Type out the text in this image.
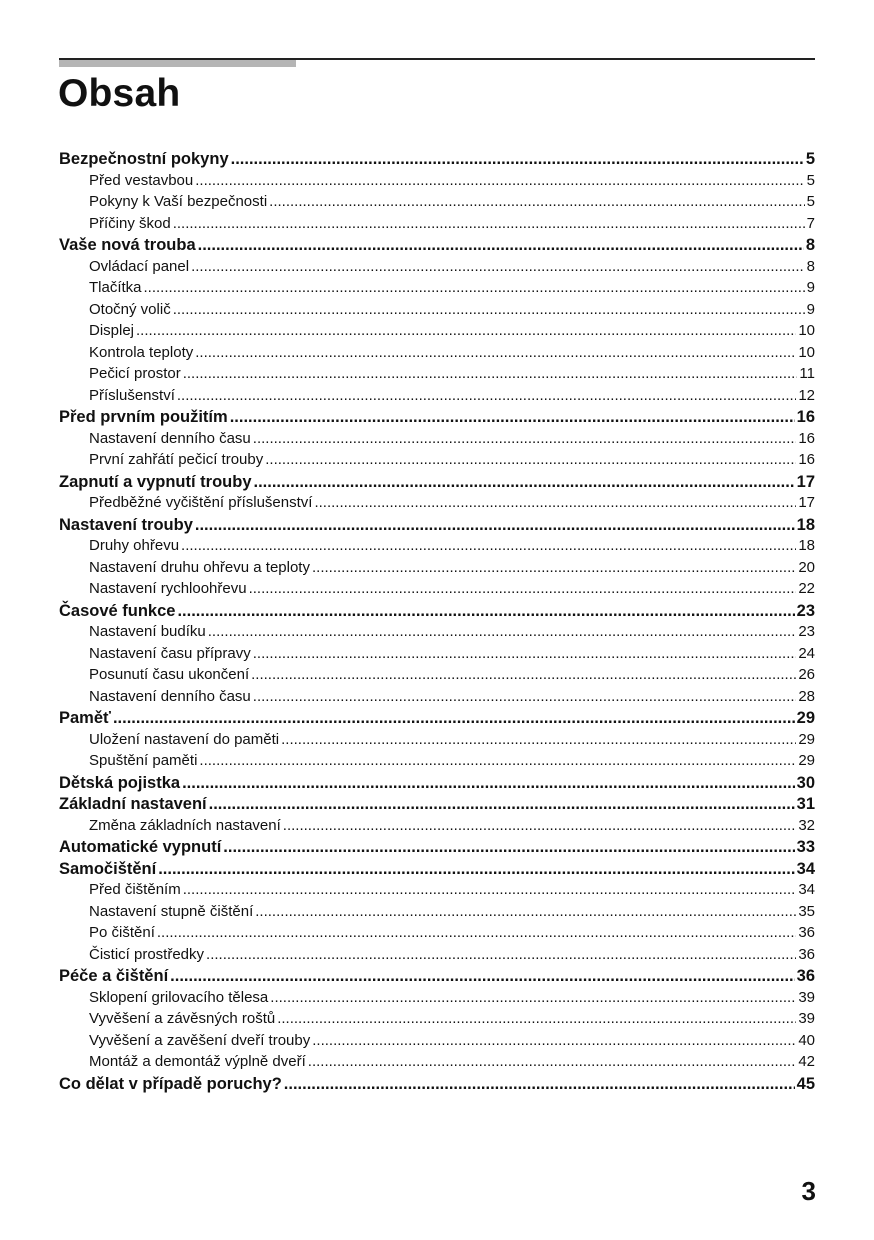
Obsah
Bezpečnostní pokyny .....	5
Před vestavbou .....	5
Pokyny k Vaší bezpečnosti .....	5
Příčiny škod .....	7
Vaše nová trouba .....	8
Ovládací panel .....	8
Tlačítka .....	9
Otočný volič .....	9
Displej .....	10
Kontrola teploty .....	10
Pečicí prostor .....	11
Příslušenství .....	12
Před prvním použitím .....	16
Nastavení denního času .....	16
První zahřátí pečicí trouby .....	16
Zapnutí a vypnutí trouby .....	17
Předběžné vyčištění příslušenství .....	17
Nastavení trouby .....	18
Druhy ohřevu .....	18
Nastavení druhu ohřevu a teploty .....	20
Nastavení rychloohřevu .....	22
Časové funkce .....	23
Nastavení budíku .....	23
Nastavení času přípravy .....	24
Posunutí času ukončení .....	26
Nastavení denního času .....	28
Paměť .....	29
Uložení nastavení do paměti .....	29
Spuštění paměti .....	29
Dětská pojistka .....	30
Základní nastavení .....	31
Změna základních nastavení .....	32
Automatické vypnutí .....	33
Samočištění .....	34
Před čištěním .....	34
Nastavení stupně čištění .....	35
Po čištění .....	36
Čisticí prostředky .....	36
Péče a čištění .....	36
Sklopení grilovacího tělesa .....	39
Vyvěšení a závěsných roštů .....	39
Vyvěšení a zavěšení dveří trouby .....	40
Montáž a demontáž výplně dveří .....	42
Co dělat v případě poruchy? .....	45
3
